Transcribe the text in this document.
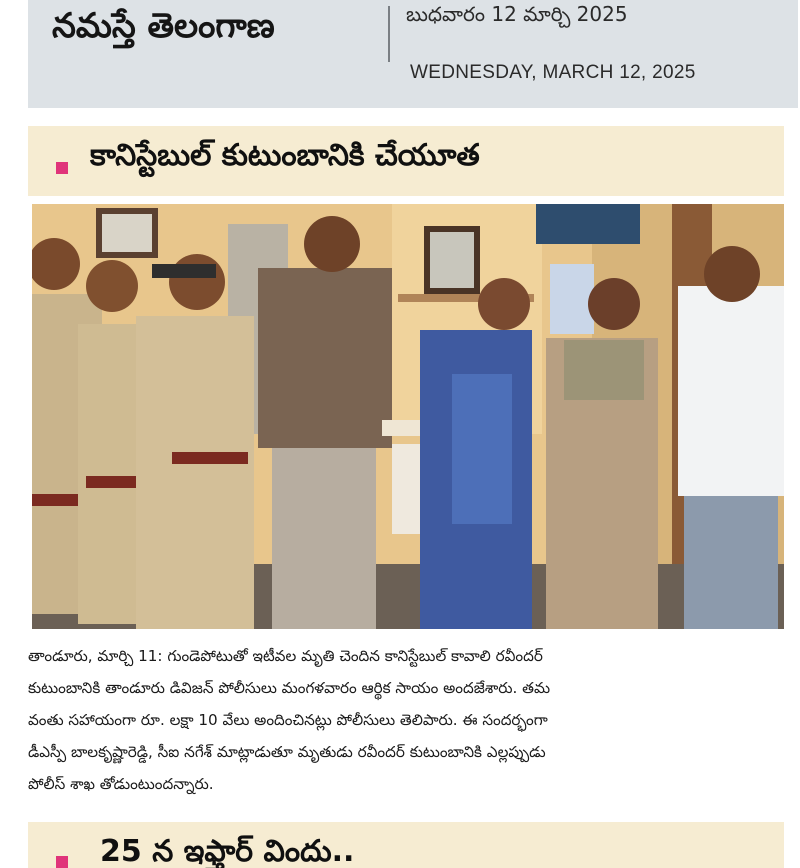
నమస్తే తెలంగాణ	బుధవారం 12 మార్చి 2025
WEDNESDAY, MARCH 12, 2025
కానిస్టేబుల్ కుటుంబానికి చేయూత

తాండూరు, మార్చి 11: గుండెపోటుతో ఇటీవల మృతి చెందిన కానిస్టేబుల్ కావాలి రవీందర్

కుటుంబానికి తాండూరు డివిజన్ పోలీసులు మంగళవారం ఆర్థిక సాయం అందజేశారు. తమ

వంతు సహాయంగా రూ. లక్షా 10 వేలు అందించినట్లు పోలీసులు తెలిపారు. ఈ సందర్భంగా

డీఎస్పీ బాలకృష్ణారెడ్డి, సీఐ నగేశ్ మాట్లాడుతూ మృతుడు రవీందర్ కుటుంబానికి ఎల్లప్పుడు

పోలీస్ శాఖ తోడుంటుందన్నారు.

25 న ఇఫ్తార్ విందు..
